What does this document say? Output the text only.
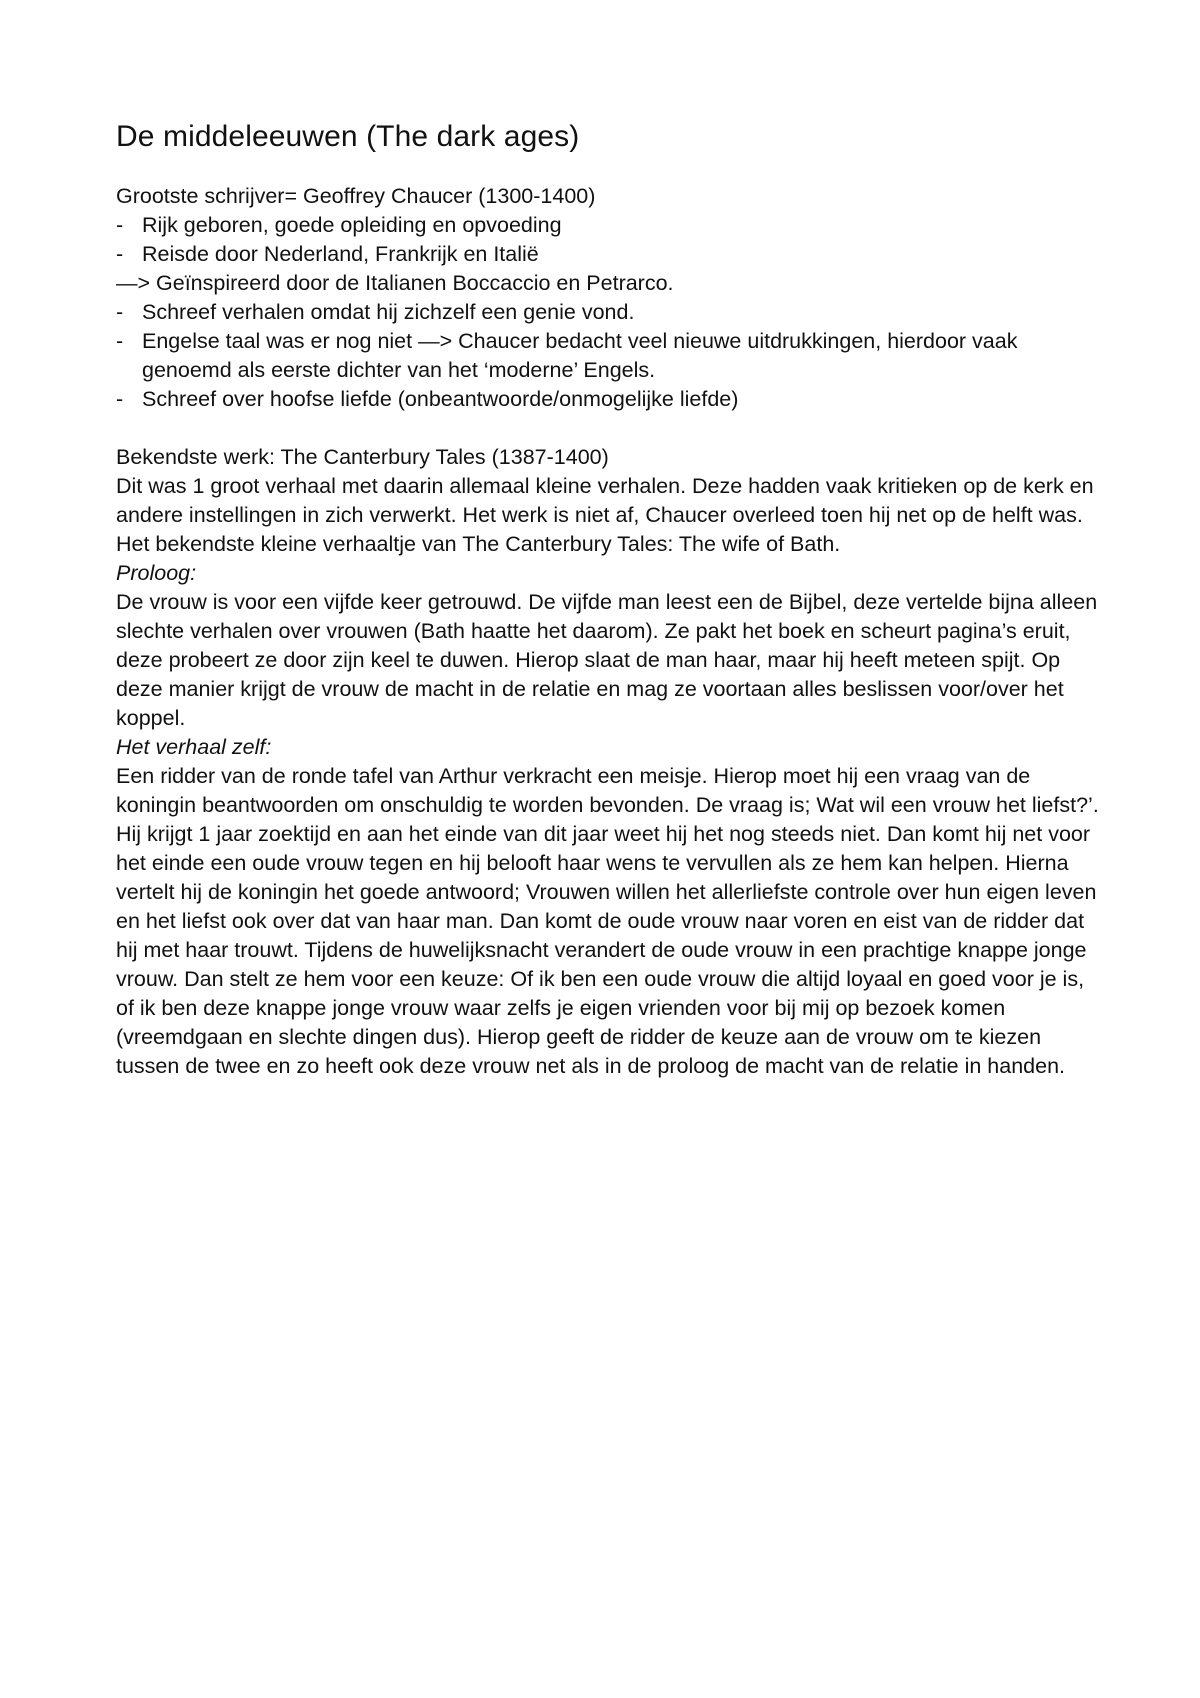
De middeleeuwen (The dark ages)

Grootste schrijver= Geoffrey Chaucer (1300-1400)

- Rijk geboren, goede opleiding en opvoeding
- Reisde door Nederland, Frankrijk en Italië

—> Geïnspireerd door de Italianen Boccaccio en Petrarco.

- Schreef verhalen omdat hij zichzelf een genie vond.
- Engelse taal was er nog niet —> Chaucer bedacht veel nieuwe uitdrukkingen, hierdoor vaak genoemd als eerste dichter van het ‘moderne’ Engels.
- Schreef over hoofse liefde (onbeantwoorde/onmogelijke liefde)

Bekendste werk: The Canterbury Tales (1387-1400)

Dit was 1 groot verhaal met daarin allemaal kleine verhalen. Deze hadden vaak kritieken op de kerk en andere instellingen in zich verwerkt. Het werk is niet af, Chaucer overleed toen hij net op de helft was.

Het bekendste kleine verhaaltje van The Canterbury Tales: The wife of Bath.

Proloog:

De vrouw is voor een vijfde keer getrouwd. De vijfde man leest een de Bijbel, deze vertelde bijna alleen slechte verhalen over vrouwen (Bath haatte het daarom). Ze pakt het boek en scheurt pagina’s eruit, deze probeert ze door zijn keel te duwen. Hierop slaat de man haar, maar hij heeft meteen spijt. Op deze manier krijgt de vrouw de macht in de relatie en mag ze voortaan alles beslissen voor/over het koppel.

Het verhaal zelf:

Een ridder van de ronde tafel van Arthur verkracht een meisje. Hierop moet hij een vraag van de koningin beantwoorden om onschuldig te worden bevonden. De vraag is; Wat wil een vrouw het liefst?’. Hij krijgt 1 jaar zoektijd en aan het einde van dit jaar weet hij het nog steeds niet. Dan komt hij net voor het einde een oude vrouw tegen en hij belooft haar wens te vervullen als ze hem kan helpen. Hierna vertelt hij de koningin het goede antwoord; Vrouwen willen het allerliefste controle over hun eigen leven en het liefst ook over dat van haar man. Dan komt de oude vrouw naar voren en eist van de ridder dat hij met haar trouwt. Tijdens de huwelijksnacht verandert de oude vrouw in een prachtige knappe jonge vrouw. Dan stelt ze hem voor een keuze: Of ik ben een oude vrouw die altijd loyaal en goed voor je is, of ik ben deze knappe jonge vrouw waar zelfs je eigen vrienden voor bij mij op bezoek komen (vreemdgaan en slechte dingen dus). Hierop geeft de ridder de keuze aan de vrouw om te kiezen tussen de twee en zo heeft ook deze vrouw net als in de proloog de macht van de relatie in handen.
